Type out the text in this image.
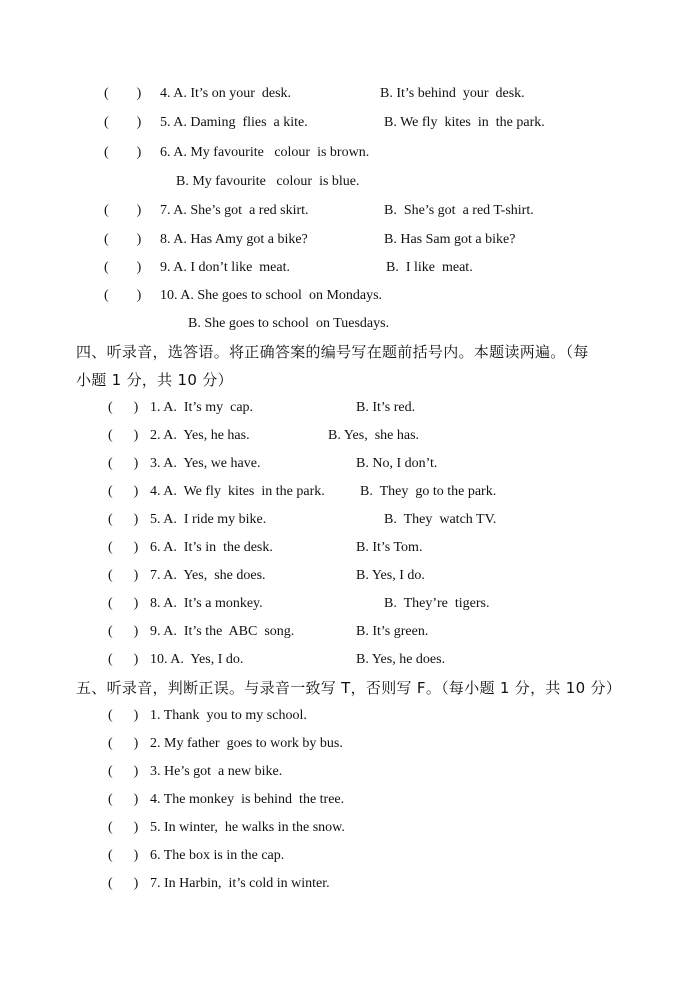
(        ) 4. A. It’s on your  desk.	B. It’s behind  your  desk.
(        ) 5. A. Daming  flies  a kite.	B. We fly  kites  in  the park.
(        ) 6. A. My favourite   colour  is brown.
B. My favourite   colour  is blue.
(        ) 7. A. She’s got  a red skirt.	B.  She’s got  a red T-shirt.
(        ) 8. A. Has Amy got a bike?	B. Has Sam got a bike?
(        ) 9. A. I don’t like  meat.	B.  I like  meat.
(        ) 10. A. She goes to school  on Mondays.
B. She goes to school  on Tuesdays.
四、听录音，选答语。将正确答案的编号写在题前括号内。本题读两遍。（每
小题 1 分，共 10 分）
(      ) 1. A.  It’s my  cap.	B. It’s red.
(      ) 2. A.  Yes, he has.	B. Yes,  she has.
(      ) 3. A.  Yes, we have.	B. No, I don’t.
(      ) 4. A.  We fly  kites  in the park.	B.  They  go to the park.
(      ) 5. A.  I ride my bike.	B.  They  watch TV.
(      ) 6. A.  It’s in  the desk.	B. It’s Tom.
(      ) 7. A.  Yes,  she does.	B. Yes, I do.
(      ) 8. A.  It’s a monkey.	B.  They’re  tigers.
(      ) 9. A.  It’s the  ABC  song.	B. It’s green.
(      ) 10. A.  Yes, I do.	B. Yes, he does.
五、听录音，判断正误。与录音一致写 T，否则写 F。（每小题 1 分，共 10 分）
(      ) 1. Thank  you to my school.
(      ) 2. My father  goes to work by bus.
(      ) 3. He’s got  a new bike.
(      ) 4. The monkey  is behind  the tree.
(      ) 5. In winter,  he walks in the snow.
(      ) 6. The box is in the cap.
(      ) 7. In Harbin,  it’s cold in winter.
